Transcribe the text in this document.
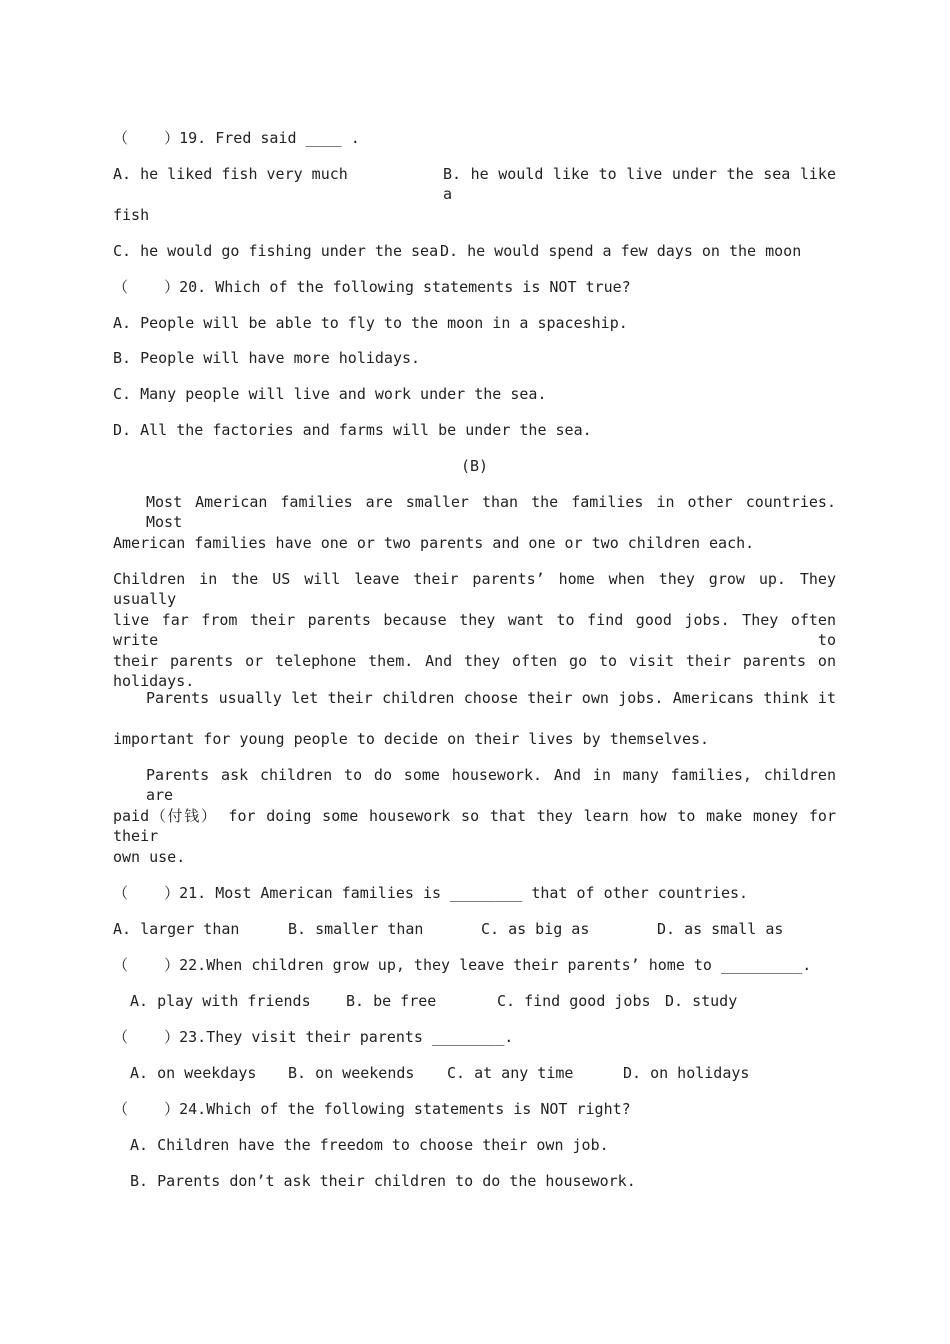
（    ）19. Fred said ____ .
A. he liked fish very much	B. he would like to live under the sea like a
fish
C. he would go fishing under the sea D. he would spend a few days on the moon
（    ）20. Which of the following statements is NOT true?
A. People will be able to fly to the moon in a spaceship.
B. People will have more holidays.
C. Many people will live and work under the sea.
D. All the factories and farms will be under the sea.
(B)
Most American families are smaller than the families in other countries. Most
American families have one or two parents and one or two children each.
Children in the US will leave their parents’ home when they grow up. They usually
live far from their parents because they want to find good jobs. They often write to
their parents or telephone them. And they often go to visit their parents on holidays.
Parents usually let their children choose their own jobs. Americans think it
important for young people to decide on their lives by themselves.
Parents ask children to do some housework. And in many families, children are
paid（付钱） for doing some housework so that they learn how to make money for their
own use.
（    ）21. Most American families is ________ that of other countries.
A. larger than	B. smaller than	C. as big as	D. as small as
（    ）22.When children grow up, they leave their parents’ home to _________.
A. play with friends B. be free	C. find good jobs D. study
（    ）23.They visit their parents ________.
A. on weekdays B. on weekends C. at any time	D. on holidays
（    ）24.Which of the following statements is NOT right?
A. Children have the freedom to choose their own job.
B. Parents don’t ask their children to do the housework.
